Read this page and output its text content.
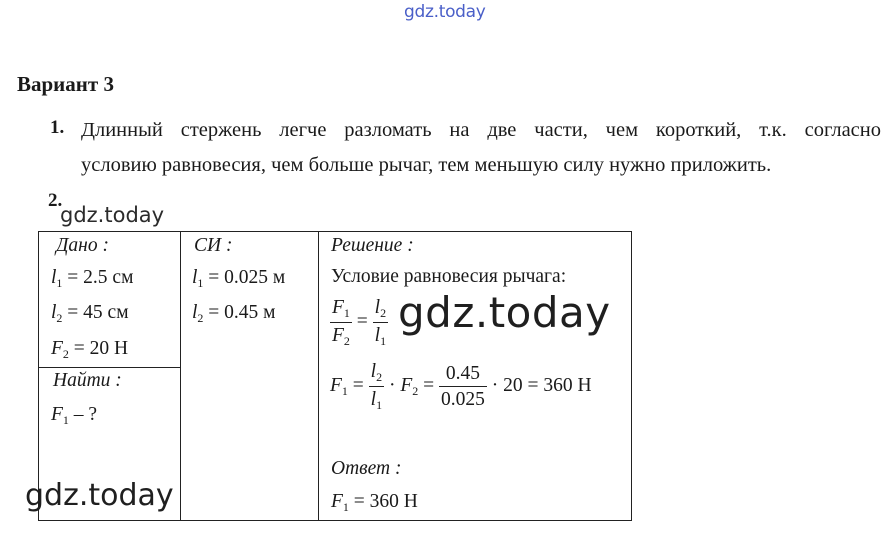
gdz.today
Вариант 3
1. Длинный стержень легче разломать на две части, чем короткий, т.к. согласно
условию равновесия, чем больше рычаг, тем меньшую силу нужно приложить.
2.
gdz.today
Дано :
$l_1 = 2.5$ см
$l_2 = 45$ см
$F_2 = 20$ Н
Найти :
$F_1$ – ?
СИ :
$l_1 = 0.025$ м
$l_2 = 0.45$ м
Решение :
Условие равновесия рычага:
$\frac{F_1}{F_2} = \frac{l_2}{l_1}$
$F_1 = \frac{l_2}{l_1} \cdot F_2 = \frac{0.45}{0.025} \cdot 20 = 360$ Н
Ответ :
$F_1 = 360$ Н
gdz.today
gdz.today
